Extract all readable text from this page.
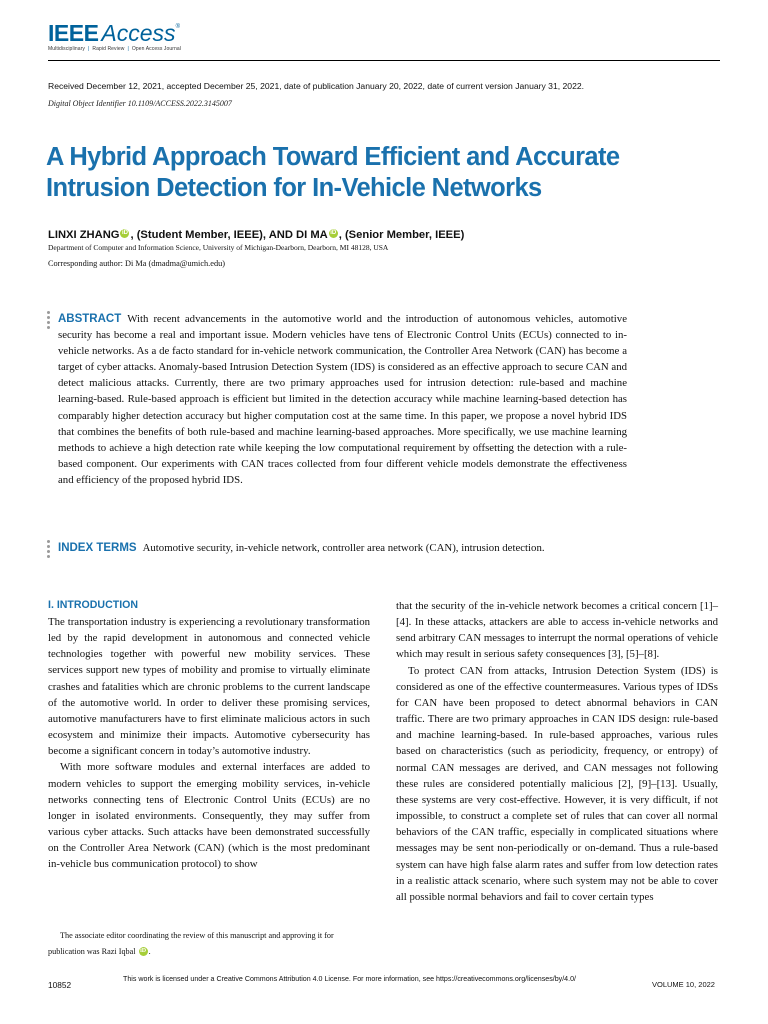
IEEE Access®
Multidisciplinary | Rapid Review | Open Access Journal
Received December 12, 2021, accepted December 25, 2021, date of publication January 20, 2022, date of current version January 31, 2022.
Digital Object Identifier 10.1109/ACCESS.2022.3145007
A Hybrid Approach Toward Efficient and Accurate
Intrusion Detection for In-Vehicle Networks
LINXI ZHANG iD , (Student Member, IEEE), AND DI MA iD , (Senior Member, IEEE)
Department of Computer and Information Science, University of Michigan-Dearborn, Dearborn, MI 48128, USA
Corresponding author: Di Ma (dmadma@umich.edu)
ABSTRACT With recent advancements in the automotive world and the introduction of autonomous vehicles, automotive security has become a real and important issue. Modern vehicles have tens of Electronic Control Units (ECUs) connected to in-vehicle networks. As a de facto standard for in-vehicle network communication, the Controller Area Network (CAN) has become a target of cyber attacks. Anomaly-based Intrusion Detection System (IDS) is considered as an effective approach to secure CAN and detect malicious attacks. Currently, there are two primary approaches used for intrusion detection: rule-based and machine learning-based. Rule-based approach is efficient but limited in the detection accuracy while machine learning-based detection has comparably higher detection accuracy but higher computation cost at the same time. In this paper, we propose a novel hybrid IDS that combines the benefits of both rule-based and machine learning-based approaches. More specifically, we use machine learning methods to achieve a high detection rate while keeping the low computational requirement by offsetting the detection with a rule-based component. Our experiments with CAN traces collected from four different vehicle models demonstrate the effectiveness and efficiency of the proposed hybrid IDS.
INDEX TERMS Automotive security, in-vehicle network, controller area network (CAN), intrusion detection.
I. INTRODUCTION
The transportation industry is experiencing a revolutionary transformation led by the rapid development in autonomous and connected vehicle technologies together with powerful new mobility services. These services support new types of mobility and promise to virtually eliminate crashes and fatalities which are chronic problems to the current landscape of the automotive world. In order to deliver these promising services, automotive manufacturers have to first eliminate malicious actors in such ecosystem and minimize their impacts. Automotive cybersecurity has become a significant concern in today’s automotive industry.
With more software modules and external interfaces are added to modern vehicles to support the emerging mobility services, in-vehicle networks connecting tens of Electronic Control Units (ECUs) are no longer in isolated environments. Consequently, they may suffer from various cyber attacks. Such attacks have been demonstrated successfully on the Controller Area Network (CAN) (which is the most predominant in-vehicle bus communication protocol) to show
that the security of the in-vehicle network becomes a critical concern [1]–[4]. In these attacks, attackers are able to access in-vehicle networks and send arbitrary CAN messages to interrupt the normal operations of vehicle which may result in serious safety consequences [3], [5]–[8].
To protect CAN from attacks, Intrusion Detection System (IDS) is considered as one of the effective countermeasures. Various types of IDSs for CAN have been proposed to detect abnormal behaviors in CAN traffic. There are two primary approaches in CAN IDS design: rule-based and machine learning-based. In rule-based approaches, various rules based on characteristics (such as periodicity, frequency, or entropy) of normal CAN messages are derived, and CAN messages not following these rules are considered potentially malicious [2], [9]–[13]. Usually, these systems are very cost-effective. However, it is very difficult, if not impossible, to construct a complete set of rules that can cover all normal behaviors of the CAN traffic, especially in complicated situations where messages may be sent non-periodically or on-demand. Thus a rule-based system can have high false alarm rates and suffer from low detection rates in a realistic attack scenario, where such system may not be able to cover all possible normal behaviors and fail to cover certain types
The associate editor coordinating the review of this manuscript and approving it for publication was Razi Iqbal iD .
10852
This work is licensed under a Creative Commons Attribution 4.0 License. For more information, see https://creativecommons.org/licenses/by/4.0/
VOLUME 10, 2022
